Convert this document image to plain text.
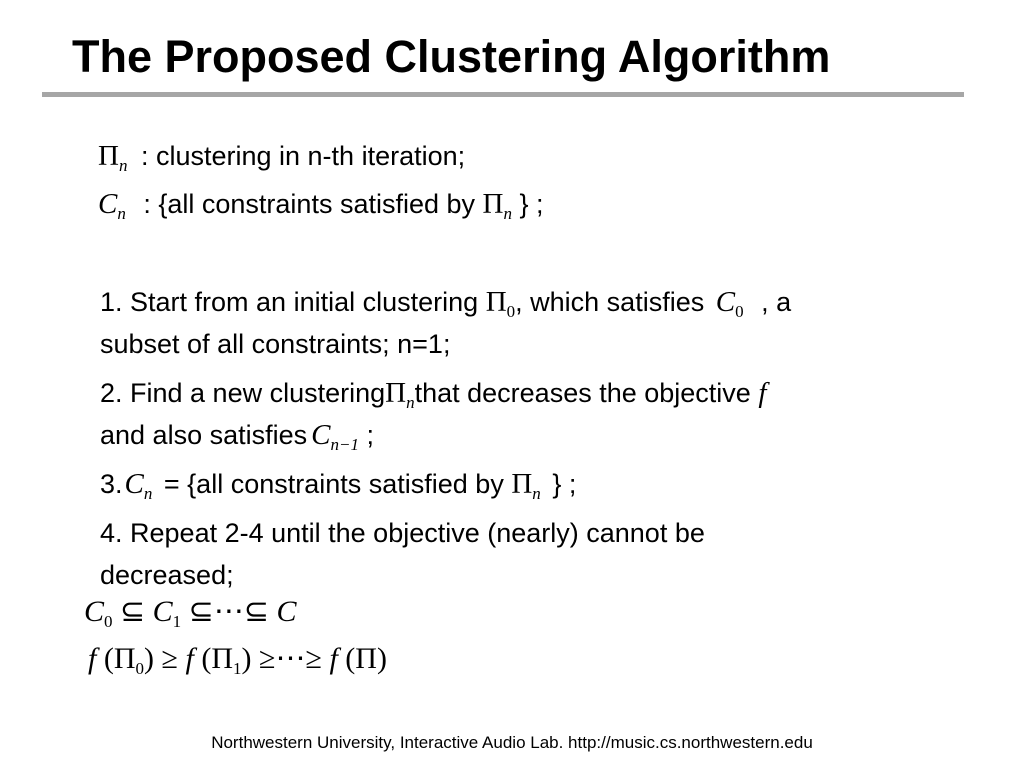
The Proposed Clustering Algorithm
$\Pi_n$ : clustering in n-th iteration;
$C_n$ : {all constraints satisfied by $\Pi_n$ } ;
1. Start from an initial clustering $\Pi_0$, which satisfies $C_0$ , a
subset of all constraints; n=1;
2. Find a new clusteringΠ$_n$that decreases the objective f
and also satisfies $C_{n-1}$ ;
$3.C_n = \{all$ constraints satisfied by $\Pi_n$ } ;
4. Repeat 2-4 until the objective (nearly) cannot be
decreased;
$C_0$ ⊆ $C_1$ ⊆⋯⊆ C
f $(\Pi_0) \ge f$ $(\Pi_1)$ ≥⋯≥ f (Π)
Northwestern University, Interactive Audio Lab. http://music.cs.northwestern.edu
